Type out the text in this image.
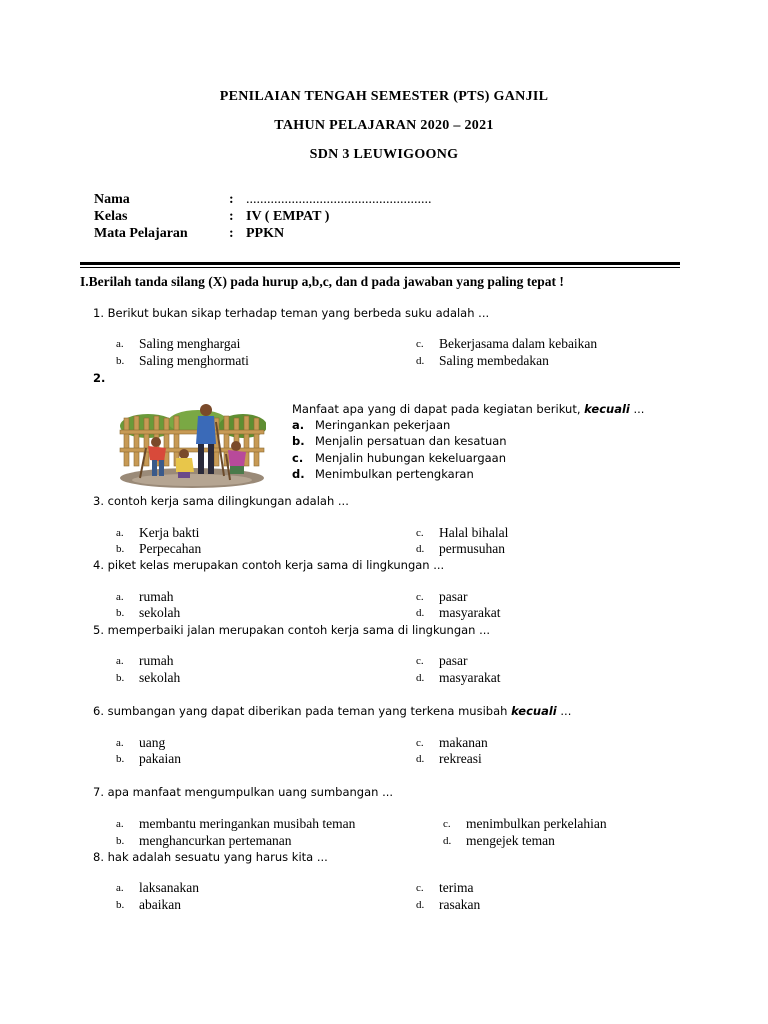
PENILAIAN TENGAH SEMESTER (PTS) GANJIL
TAHUN PELAJARAN 2020 – 2021
SDN 3 LEUWIGOONG
Nama	: .....................................................
Kelas	: IV ( EMPAT )
Mata Pelajaran	: PPKN
I.Berilah tanda silang (X) pada hurup a,b,c, dan d pada jawaban yang paling tepat !
1. Berikut bukan sikap terhadap teman yang berbeda suku adalah ...
a. Saling menghargai
b. Saling menghormati
c. Bekerjasama dalam kebaikan
d. Saling membedakan
2.
Manfaat apa yang di dapat pada kegiatan berikut, kecuali ...
a. Meringankan pekerjaan
b. Menjalin persatuan dan kesatuan
c. Menjalin hubungan kekeluargaan
d. Menimbulkan pertengkaran
3. contoh kerja sama dilingkungan adalah ...
a. Kerja bakti
b. Perpecahan
c. Halal bihalal
d. permusuhan
4. piket kelas merupakan contoh kerja sama di lingkungan ...
a. rumah
b. sekolah
c. pasar
d. masyarakat
5. memperbaiki jalan merupakan contoh kerja sama di lingkungan ...
a. rumah
b. sekolah
c. pasar
d. masyarakat
6. sumbangan yang dapat diberikan pada teman yang terkena musibah kecuali ...
a. uang
b. pakaian
c. makanan
d. rekreasi
7. apa manfaat mengumpulkan uang sumbangan ...
a. membantu meringankan musibah teman
b. menghancurkan pertemanan
c. menimbulkan perkelahian
d. mengejek teman
8. hak adalah sesuatu yang harus kita ...
a. laksanakan
b. abaikan
c. terima
d. rasakan
